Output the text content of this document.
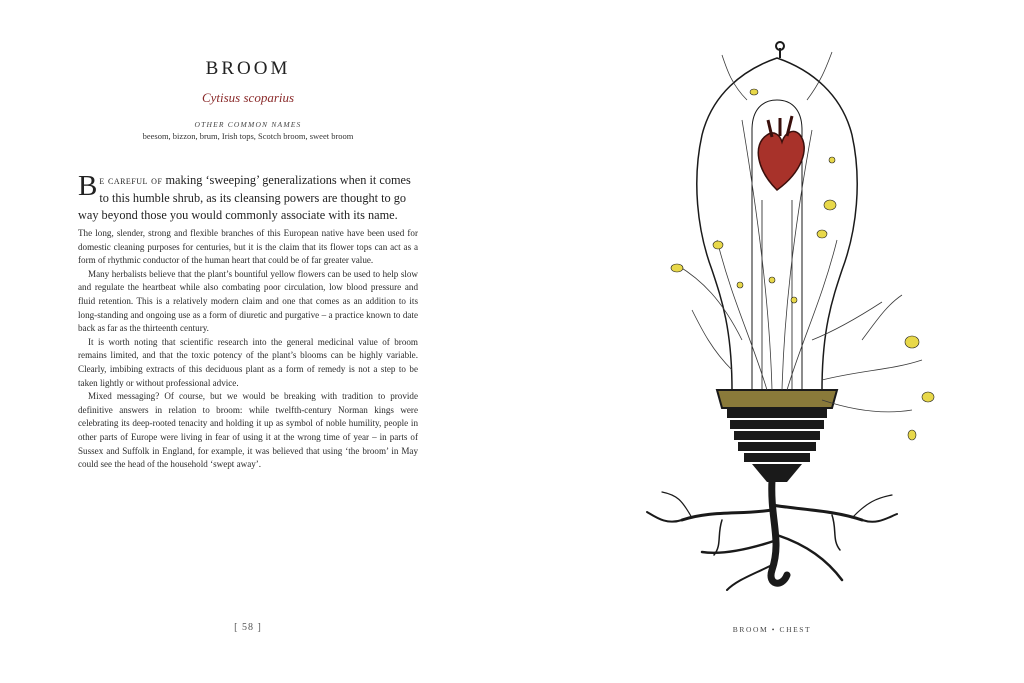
BROOM
Cytisus scoparius
OTHER COMMON NAMES
beesom, bizzon, brum, Irish tops, Scotch broom, sweet broom
Be careful of making ‘sweeping’ generalizations when it comes to this humble shrub, as its cleansing powers are thought to go way beyond those you would commonly associate with its name.

The long, slender, strong and flexible branches of this European native have been used for domestic cleaning purposes for centuries, but it is the claim that its flower tops can act as a form of rhythmic conductor of the human heart that could be of far greater value.

Many herbalists believe that the plant’s bountiful yellow flowers can be used to help slow and regulate the heartbeat while also combating poor circulation, low blood pressure and fluid retention. This is a relatively modern claim and one that comes as an addition to its long-standing and ongoing use as a form of diuretic and purgative – a practice known to date back as far as the thirteenth century.

It is worth noting that scientific research into the general medicinal value of broom remains limited, and that the toxic potency of the plant’s blooms can be highly variable. Clearly, imbibing extracts of this deciduous plant as a form of remedy is not a step to be taken lightly or without professional advice.

Mixed messaging? Of course, but we would be breaking with tradition to provide definitive answers in relation to broom: while twelfth-century Norman kings were celebrating its deep-rooted tenacity and holding it up as symbol of noble humility, people in other parts of Europe were living in fear of using it at the wrong time of year – in parts of Sussex and Suffolk in England, for example, it was believed that using ‘the broom’ in May could see the head of the household ‘swept away’.

[ 58 ]	BROOM • CHEST
